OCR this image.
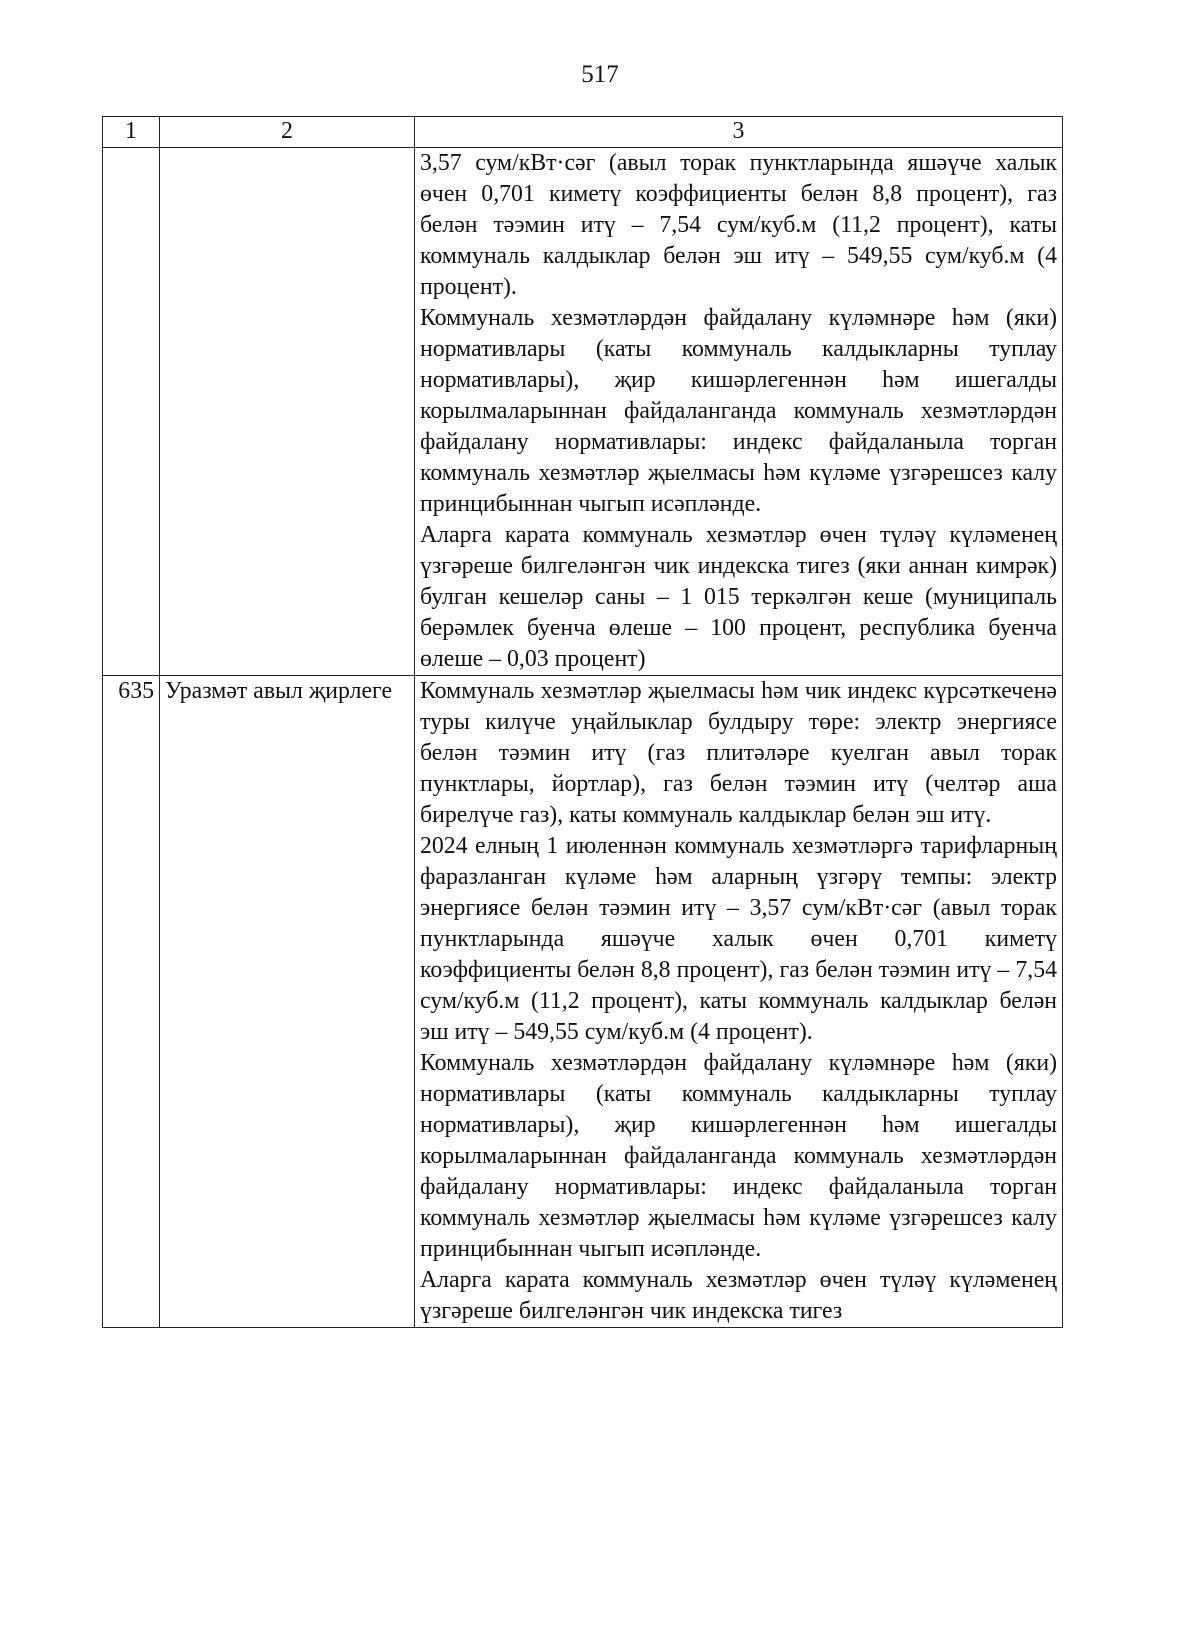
517
1	2	3

		3,57 сум/кВт·сәг (авыл торак пунктларында яшәүче халык өчен 0,701 киметү коэффициенты белән 8,8 процент), газ белән тәэмин итү – 7,54 сум/куб.м (11,2 процент), каты коммуналь калдыклар белән эш итү – 549,55 сум/куб.м (4 процент).

Коммуналь хезмәтләрдән файдалану күләмнәре һәм (яки) нормативлары (каты коммуналь калдыкларны туплау нормативлары), җир кишәрлегеннән һәм ишегалды корылмаларыннан файдаланганда коммуналь хезмәтләрдән файдалану нормативлары: индекс файдаланыла торган коммуналь хезмәтләр җыелмасы һәм күләме үзгәрешсез калу принцибыннан чыгып исәпләнде.

Аларга карата коммуналь хезмәтләр өчен түләү күләменең үзгәреше билгеләнгән чик индекска тигез (яки аннан кимрәк) булган кешеләр саны – 1 015 теркәлгән кеше (муниципаль берәмлек буенча өлеше – 100 процент, республика буенча өлеше – 0,03 процент)

635	Уразмәт авыл җирлеге	Коммуналь хезмәтләр җыелмасы һәм чик индекс күрсәткеченә туры килүче уңайлыклар булдыру төре: электр энергиясе белән тәэмин итү (газ плитәләре куелган авыл торак пунктлары, йортлар), газ белән тәэмин итү (челтәр аша бирелүче газ), каты коммуналь калдыклар белән эш итү.

2024 елның 1 июленнән коммуналь хезмәтләргә тарифларның фаразланган күләме һәм аларның үзгәрү темпы: электр энергиясе белән тәэмин итү – 3,57 сум/кВт·сәг (авыл торак пунктларында яшәүче халык өчен 0,701 киметү коэффициенты белән 8,8 процент), газ белән тәэмин итү – 7,54 сум/куб.м (11,2 процент), каты коммуналь калдыклар белән эш итү – 549,55 сум/куб.м (4 процент).

Коммуналь хезмәтләрдән файдалану күләмнәре һәм (яки) нормативлары (каты коммуналь калдыкларны туплау нормативлары), җир кишәрлегеннән һәм ишегалды корылмаларыннан файдаланганда коммуналь хезмәтләрдән файдалану нормативлары: индекс файдаланыла торган коммуналь хезмәтләр җыелмасы һәм күләме үзгәрешсез калу принцибыннан чыгып исәпләнде.

Аларга карата коммуналь хезмәтләр өчен түләү күләменең үзгәреше билгеләнгән чик индекска тигез
